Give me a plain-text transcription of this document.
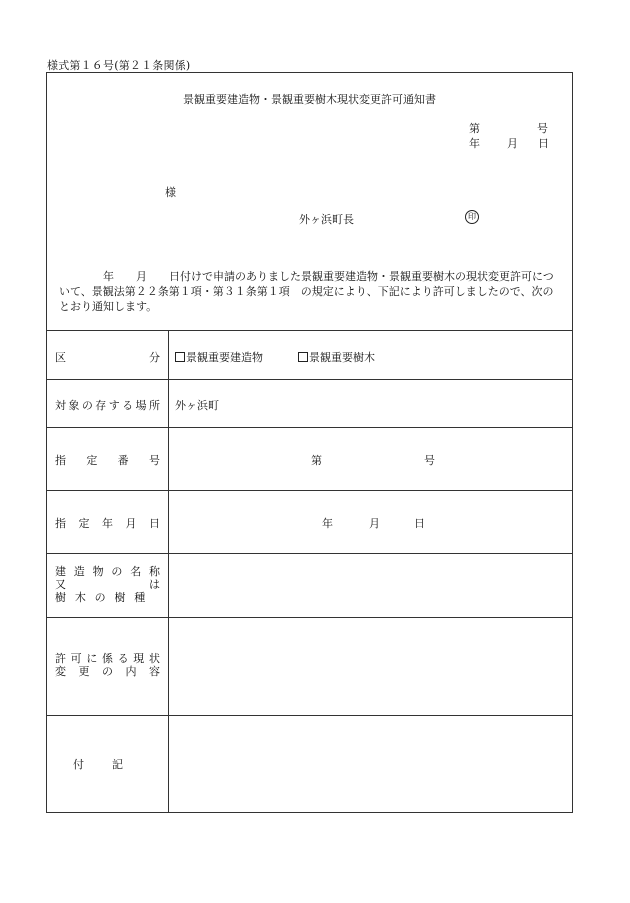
様式第１６号(第２１条関係)
景観重要建造物・景観重要樹木現状変更許可通知書
第	号
年 月 日
様
外ヶ浜町長	印

　　　　年　　月　　日付けで申請のありました景観重要建造物・景観重要樹木の現状変更許可につ

いて、景観法第２２条第１項・第３１条第１項　の規定により、下記により許可しましたので、次の

とおり通知します。

区	分	景観重要建造物	景観重要樹木
対 象 の 存 す る 場 所 外ヶ浜町
指 定 番 号	第	号
指 定 年 月 日	年	月	日
建 造 物 の 名 称
又	は
樹 木 の 樹 種
許 可 に 係 る 現 状
変 更 の 内 容
付	記
